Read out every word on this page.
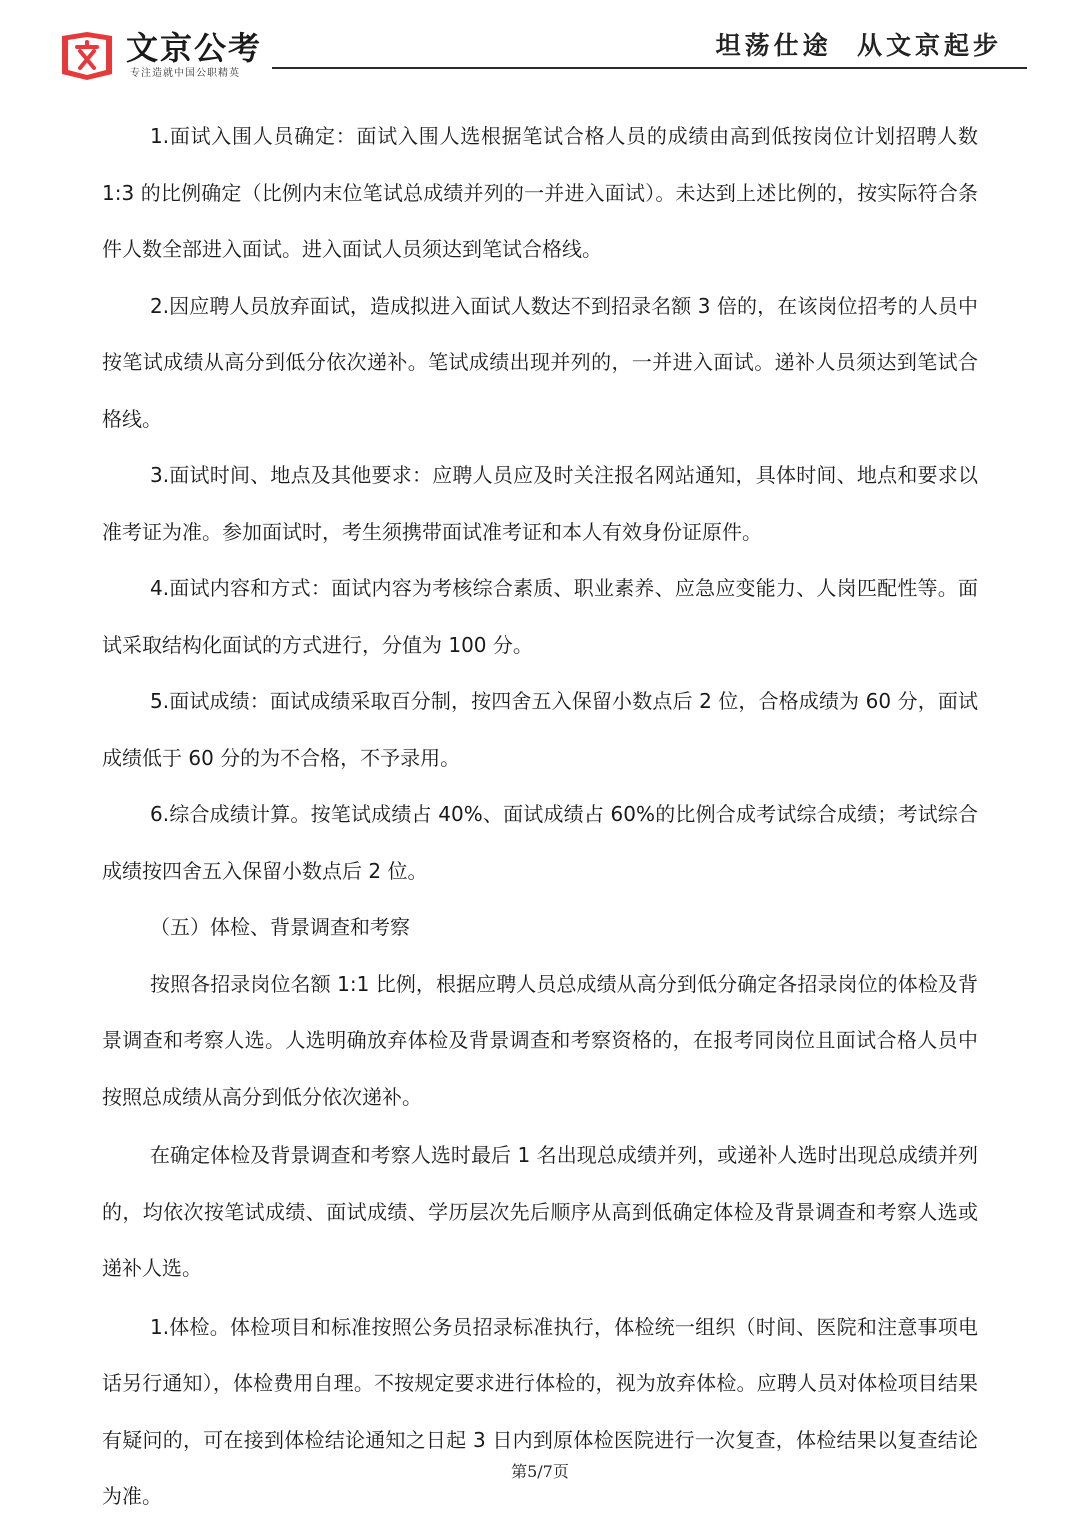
文京公考
专注造就中国公职精英
坦荡仕途  从文京起步

1.面试入围人员确定：面试入围人选根据笔试合格人员的成绩由高到低按岗位计划招聘人数 1:3 的比例确定（比例内末位笔试总成绩并列的一并进入面试）。未达到上述比例的，按实际符合条件人数全部进入面试。进入面试人员须达到笔试合格线。

2.因应聘人员放弃面试，造成拟进入面试人数达不到招录名额 3 倍的，在该岗位招考的人员中按笔试成绩从高分到低分依次递补。笔试成绩出现并列的，一并进入面试。递补人员须达到笔试合格线。

3.面试时间、地点及其他要求：应聘人员应及时关注报名网站通知，具体时间、地点和要求以准考证为准。参加面试时，考生须携带面试准考证和本人有效身份证原件。

4.面试内容和方式：面试内容为考核综合素质、职业素养、应急应变能力、人岗匹配性等。面试采取结构化面试的方式进行，分值为 100 分。

5.面试成绩：面试成绩采取百分制，按四舍五入保留小数点后 2 位，合格成绩为 60 分，面试成绩低于 60 分的为不合格，不予录用。

6.综合成绩计算。按笔试成绩占 40%、面试成绩占 60%的比例合成考试综合成绩；考试综合成绩按四舍五入保留小数点后 2 位。

（五）体检、背景调查和考察

按照各招录岗位名额 1:1 比例，根据应聘人员总成绩从高分到低分确定各招录岗位的体检及背景调查和考察人选。人选明确放弃体检及背景调查和考察资格的，在报考同岗位且面试合格人员中按照总成绩从高分到低分依次递补。

在确定体检及背景调查和考察人选时最后 1 名出现总成绩并列，或递补人选时出现总成绩并列的，均依次按笔试成绩、面试成绩、学历层次先后顺序从高到低确定体检及背景调查和考察人选或递补人选。

1.体检。体检项目和标准按照公务员招录标准执行，体检统一组织（时间、医院和注意事项电话另行通知），体检费用自理。不按规定要求进行体检的，视为放弃体检。应聘人员对体检项目结果有疑问的，可在接到体检结论通知之日起 3 日内到原体检医院进行一次复查，体检结果以复查结论为准。

第5/7页
